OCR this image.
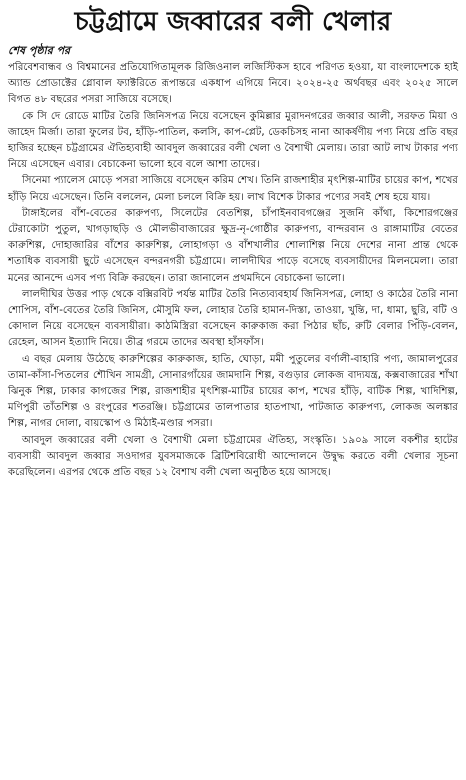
চট্টগ্রামে জব্বারের বলী খেলার

শেষ পৃষ্ঠার পর

পরিবেশবান্ধব ও বিশ্বমানের প্রতিযোগিতামূলক রিজিওনাল লজিস্টিকস হাবে পরিণত হওয়া, যা বাংলাদেশকে হাই অ্যান্ড প্রোডাক্টের গ্লোবাল ফ্যাক্টরিতে রূপান্তরে একধাপ এগিয়ে নিবে। ২০২৪-২৫ অর্থবছর এবং ২০২৫ সালে বিগত ৪৮ বছরের পসরা সাজিয়ে বসেছে।

কে সি দে রোডে মাটির তৈরি জিনিসপত্র নিয়ে বসেছেন কুমিল্লার মুরাদনগরের জব্বার আলী, সরফত মিয়া ও জাহেদ মির্জা। তারা ফুলের টব, হাঁড়ি-পাতিল, কলসি, কাপ-প্লেট, ডেকচিসহ নানা আকর্ষণীয় পণ্য নিয়ে প্রতি বছর হাজির হচ্ছেন চট্টগ্রামের ঐতিহ্যবাহী আবদুল জব্বারের বলী খেলা ও বৈশাখী মেলায়। তারা আট লাখ টাকার পণ্য নিয়ে এসেছেন এবার। বেচাকেনা ভালো হবে বলে আশা তাদের।

সিনেমা প্যালেস মোড়ে পসরা সাজিয়ে বসেছেন করিম শেখ। তিনি রাজশাহীর মৃৎশিল্প-মাটির চায়ের কাপ, শখের হাঁড়ি নিয়ে এসেছেন। তিনি বললেন, মেলা চললে বিক্রি হয়। লাখ বিশেক টাকার পণ্যের সবই শেষ হয়ে যায়।

টাঙ্গাইলের বাঁশ-বেতের কারুপণ্য, সিলেটের বেতশিল্প, চাঁপাইনবাবগঞ্জের সুজনি কাঁথা, কিশোরগঞ্জের টেরাকোটা পুতুল, খাগড়াছড়ি ও মৌলভীবাজারের ক্ষুদ্র-নৃ-গোষ্ঠীর কারুপণ্য, বান্দরবান ও রাঙ্গামাটির বেতের কারুশিল্প, দোহাজারির বাঁশের কারুশিল্প, লোহাগড়া ও বাঁশখালীর শোলাশিল্প নিয়ে দেশের নানা প্রান্ত থেকে শতাধিক ব্যবসায়ী ছুটে এসেছেন বন্দরনগরী চট্টগ্রামে। লালদীঘির পাড়ে বসেছে ব্যবসায়ীদের মিলনমেলা। তারা মনের আনন্দে এসব পণ্য বিক্রি করছেন। তারা জানালেন প্রথমদিনে বেচাকেনা ভালো।

লালদীঘির উত্তর পাড় থেকে বক্সিরবিট পর্যন্ত মাটির তৈরি নিত্যব্যবহার্য জিনিসপত্র, লোহা ও কাঠের তৈরি নানা শোপিস, বাঁশ-বেতের তৈরি জিনিস, মৌসুমি ফল, লোহার তৈরি হামান-দিস্তা, তাওয়া, খুন্তি, দা, ধামা, ছুরি, বটি ও কোদাল নিয়ে বসেছেন ব্যবসায়ীরা। কাঠমিস্ত্রিরা বসেছেন কারুকাজ করা পিঠার ছাঁচ, রুটি বেলার পিঁড়ি-বেলন, রেহেল, আসন ইত্যাদি নিয়ে। তীব্র গরমে তাদের অবস্থা হাঁসফাঁস।

এ বছর মেলায় উঠেছে কারুশিল্পের কারুকাজ, হাতি, ঘোড়া, মমী পুতুলের বর্ণালী-বাহারি পণ্য, জামালপুরের তামা-কাঁসা-পিতলের শৌখিন সামগ্রী, সোনারগাঁয়ের জামদানি শিল্প, বগুড়ার লোকজ বাদ্যযন্ত্র, কক্সবাজারের শাঁখা ঝিনুক শিল্প, ঢাকার কাগজের শিল্প, রাজশাহীর মৃৎশিল্প-মাটির চায়ের কাপ, শখের হাঁড়ি, বাটিক শিল্প, খাদিশিল্প, মণিপুরী তাঁতশিল্প ও রংপুরের শতরঞ্জি। চট্টগ্রামের তালপাতার হাতপাখা, পাটজাত কারুপণ্য, লোকজ অলঙ্কার শিল্প, নাগর দোলা, বায়স্কোপ ও মিঠাই-মণ্ডার পসরা।

আবদুল জব্বারের বলী খেলা ও বৈশাখী মেলা চট্টগ্রামের ঐতিহ্য, সংস্কৃতি। ১৯০৯ সালে বকশীর হাটের ব্যবসায়ী আবদুল জব্বার সওদাগর যুবসমাজকে ব্রিটিশবিরোধী আন্দোলনে উদ্বুদ্ধ করতে বলী খেলার সূচনা করেছিলেন। এরপর থেকে প্রতি বছর ১২ বৈশাখ বলী খেলা অনুষ্ঠিত হয়ে আসছে।
